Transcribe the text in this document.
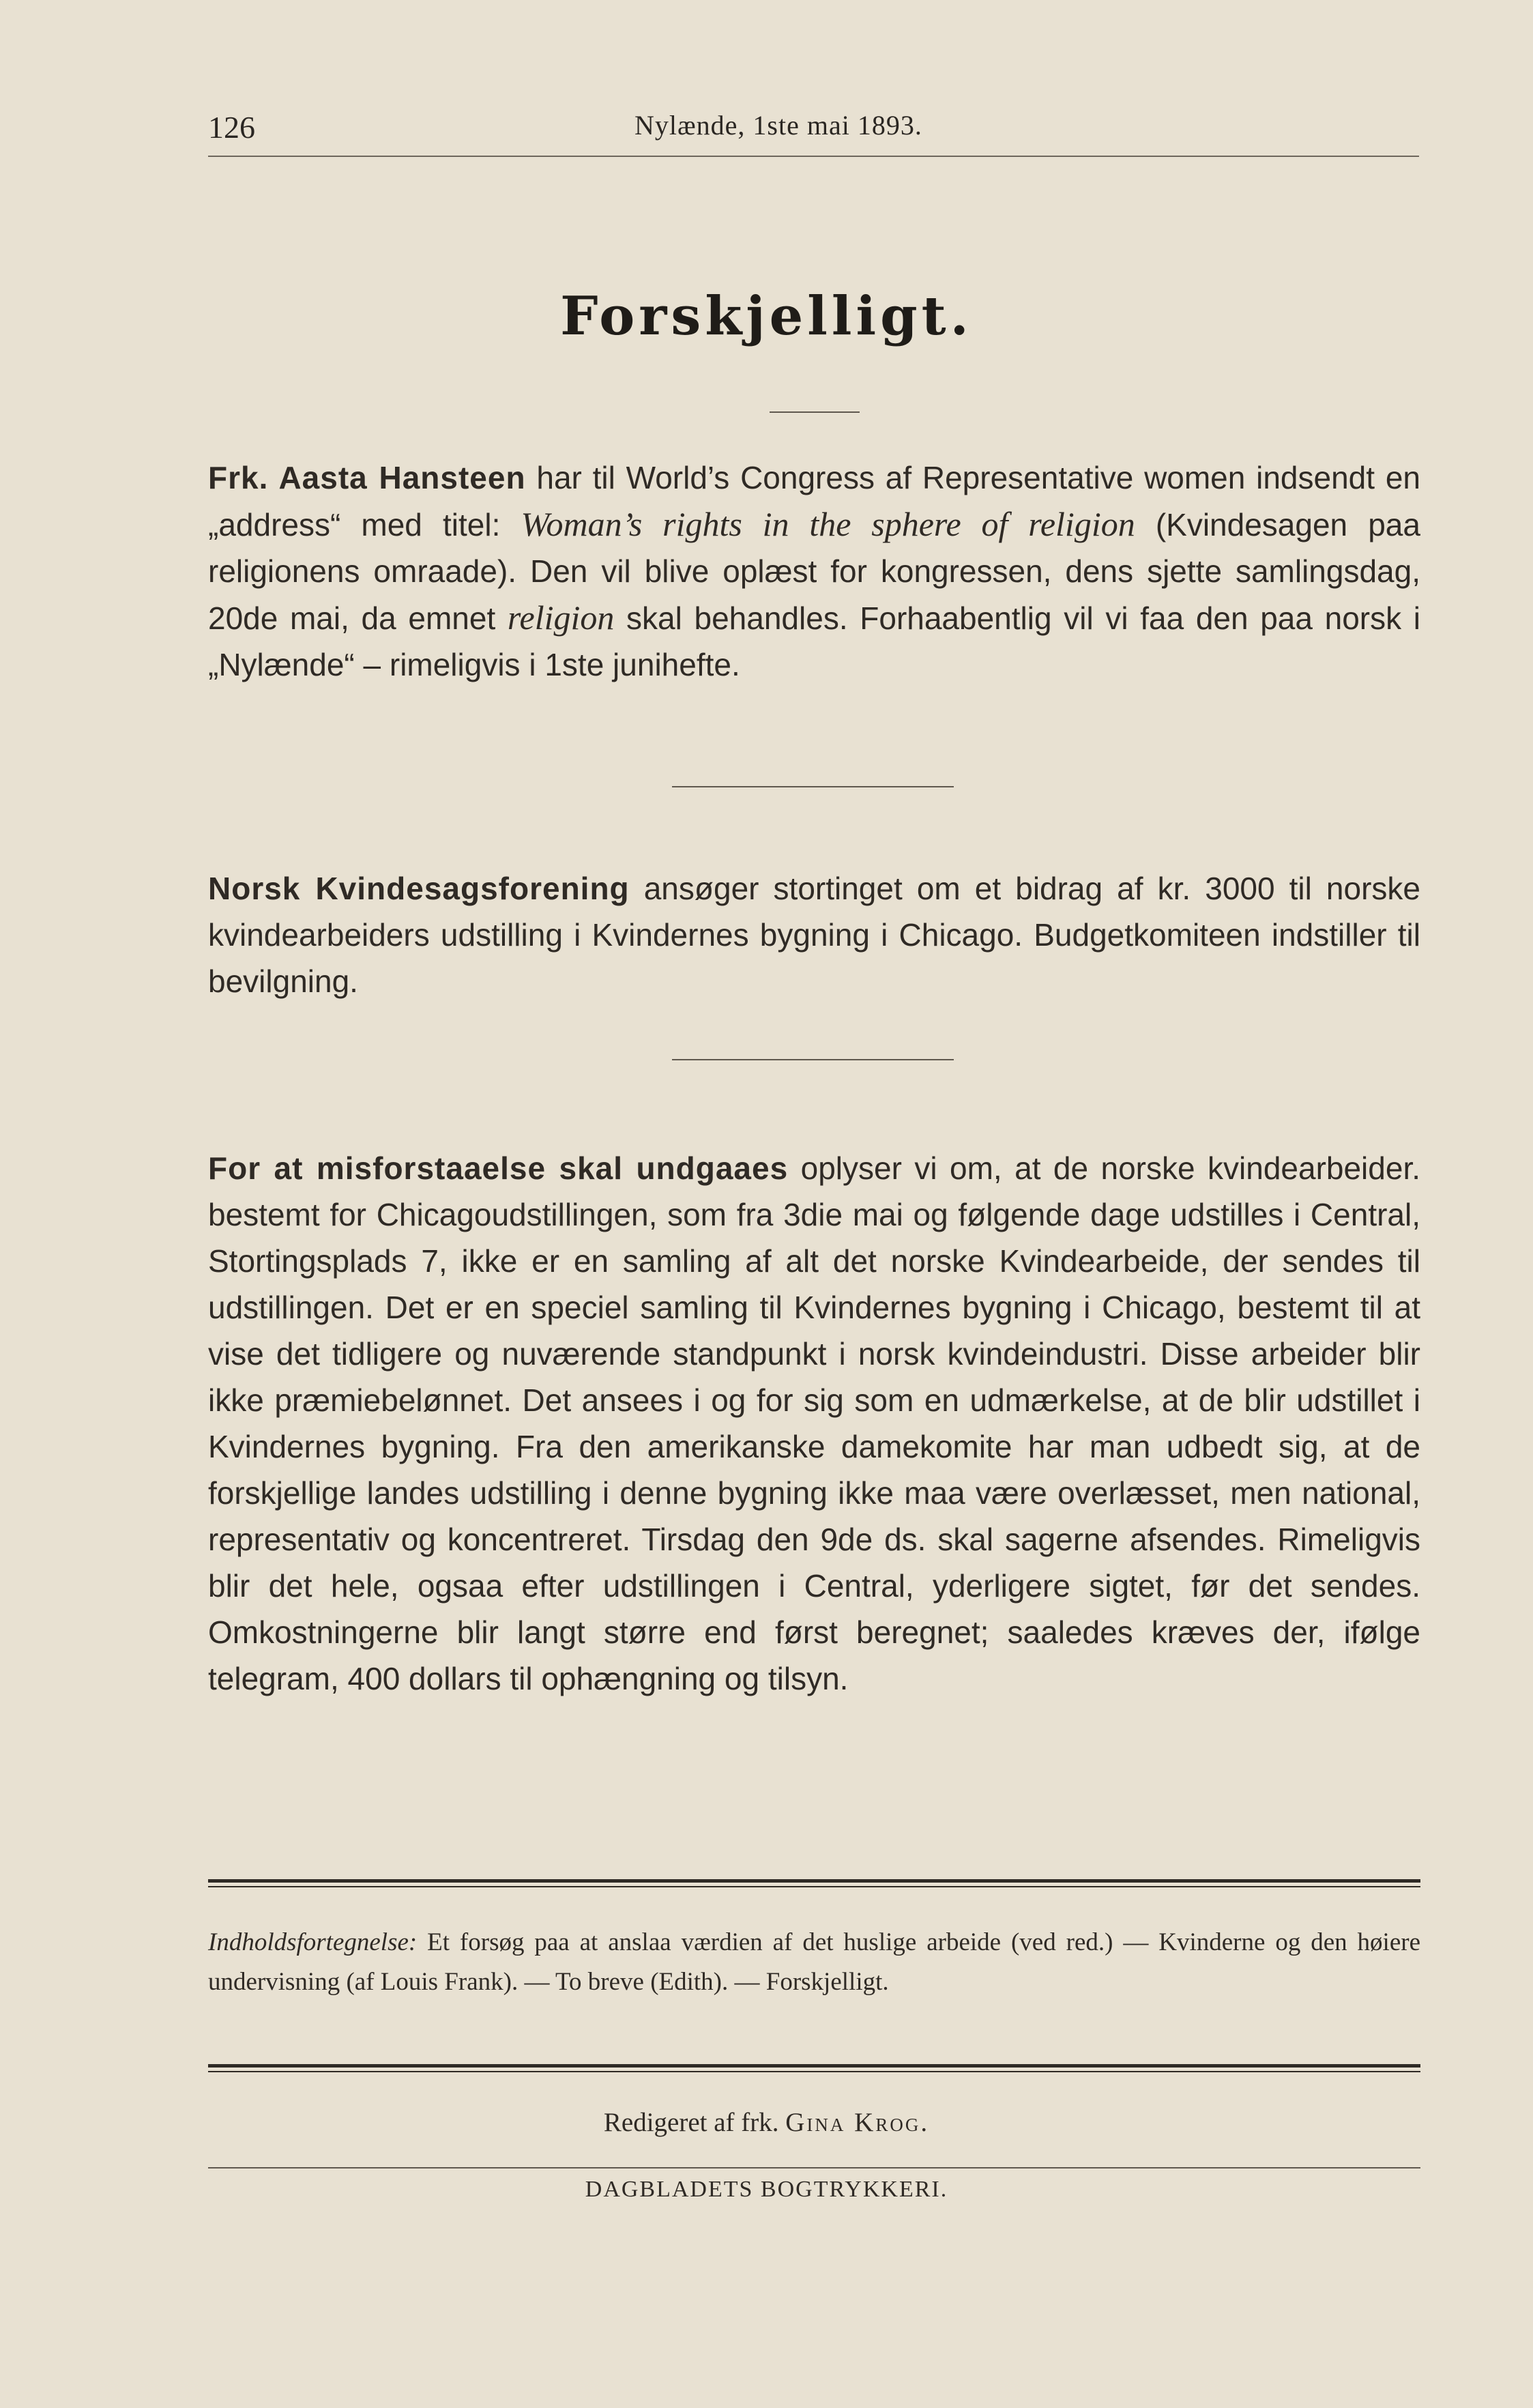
126	Nylænde, 1ste mai 1893.
Forskjelligt.

Frk. Aasta Hansteen har til World’s Congress af Representative women indsendt en „address“ med titel: Woman’s rights in the sphere of religion (Kvindesagen paa religionens omraade). Den vil blive oplæst for kongressen, dens sjette samlingsdag, 20de mai, da emnet religion skal behandles. Forhaabentlig vil vi faa den paa norsk i „Nylænde“ – rimeligvis i 1ste junihefte.

Norsk Kvindesagsforening ansøger stortinget om et bidrag af kr. 3000 til norske kvindearbeiders udstilling i Kvindernes bygning i Chicago. Budgetkomiteen indstiller til bevilgning.

For at misforstaaelse skal undgaaes oplyser vi om, at de norske kvindearbeider. bestemt for Chicagoudstillingen, som fra 3die mai og følgende dage udstilles i Central, Stortingsplads 7, ikke er en samling af alt det norske Kvindearbeide, der sendes til udstillingen. Det er en speciel samling til Kvindernes bygning i Chicago, bestemt til at vise det tidligere og nuværende standpunkt i norsk kvindeindustri. Disse arbeider blir ikke præmiebelønnet. Det ansees i og for sig som en udmærkelse, at de blir udstillet i Kvindernes bygning. Fra den amerikanske damekomite har man udbedt sig, at de forskjellige landes udstilling i denne bygning ikke maa være overlæsset, men national, representativ og koncentreret. Tirsdag den 9de ds. skal sagerne afsendes. Rimeligvis blir det hele, ogsaa efter udstillingen i Central, yderligere sigtet, før det sendes. Omkostningerne blir langt større end først beregnet; saaledes kræves der, ifølge telegram, 400 dollars til ophængning og tilsyn.

Indholdsfortegnelse: Et forsøg paa at anslaa værdien af det huslige arbeide (ved red.) — Kvinderne og den høiere undervisning (af Louis Frank). — To breve (Edith). — Forskjelligt.

Redigeret af frk. Gina Krog.
DAGBLADETS BOGTRYKKERI.
